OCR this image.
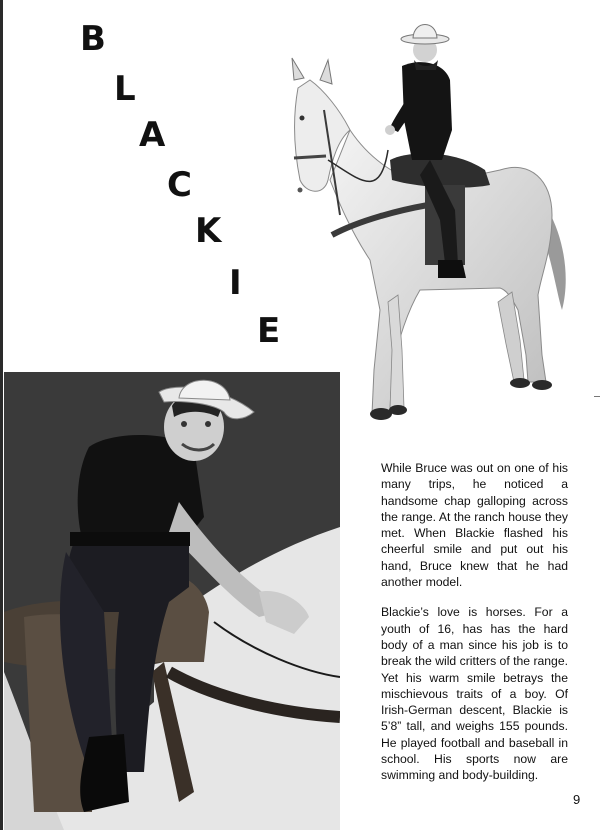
B
L
A
C
K
I
E

While Bruce was out on one of his many trips, he noticed a handsome chap galloping across the range. At the ranch house they met. When Blackie flashed his cheerful smile and put out his hand, Bruce knew that he had another model.

Blackie’s love is horses. For a youth of 16, has has the hard body of a man since his job is to break the wild critters of the range. Yet his warm smile betrays the mischievous traits of a boy. Of Irish-German descent, Blackie is 5’8” tall, and weighs 155 pounds. He played football and baseball in school. His sports now are swimming and body-building.

9
